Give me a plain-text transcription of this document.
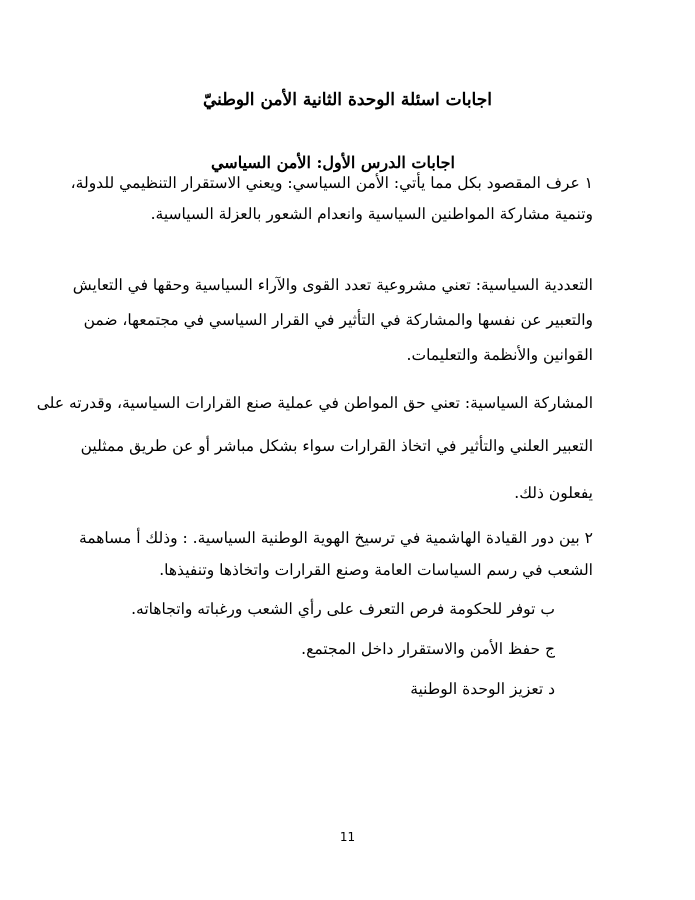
اجابات اسئلة الوحدة الثانية الأمن الوطنيّ
اجابات الدرس الأول: الأمن السياسي
١ عرف المقصود بكل مما يأتي: الأمن السياسي: ويعني الاستقرار التنظيمي للدولة،
وتنمية مشاركة المواطنين السياسية وانعدام الشعور بالعزلة السياسية.
التعددية السياسية: تعني مشروعية تعدد القوى والآراء السياسية وحقها في التعايش
والتعبير عن نفسها والمشاركة في التأثير في القرار السياسي في مجتمعها، ضمن
القوانين والأنظمة والتعليمات.
المشاركة السياسية: تعني حق المواطن في عملية صنع القرارات السياسية، وقدرته على
التعبير العلني والتأثير في اتخاذ القرارات سواء بشكل مباشر أو عن طريق ممثلين
يفعلون ذلك.
٢ بين دور القيادة الهاشمية في ترسيخ الهوية الوطنية السياسية. : وذلك أ مساهمة
الشعب في رسم السياسات العامة وصنع القرارات واتخاذها وتنفيذها.
ب توفر للحكومة فرص التعرف على رأي الشعب ورغباته واتجاهاته.
ج حفظ الأمن والاستقرار داخل المجتمع.
د تعزيز الوحدة الوطنية
11
